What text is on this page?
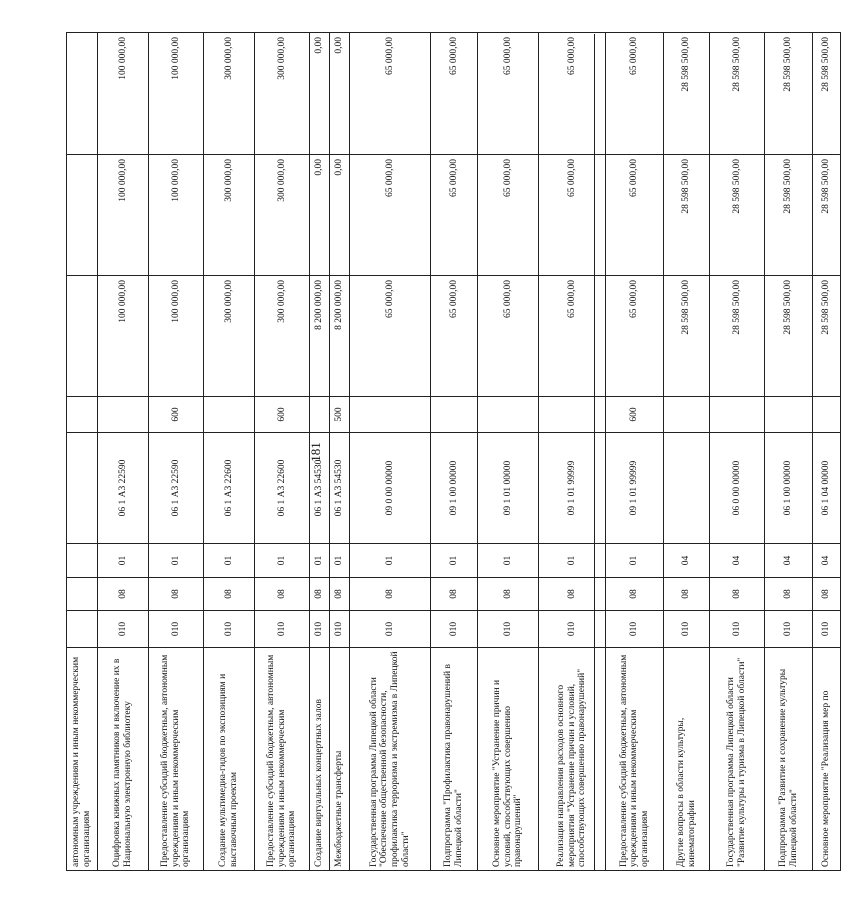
181
автономным учреждениям и иным некоммерческим организациям								
Оцифровка книжных памятников и включение их в Национальную электронную библиотеку	010	08	01	06 1 А3 22590		100 000,00	100 000,00	100 000,00
Предоставление субсидий бюджетным, автономным учреждениям и иным некоммерческим организациям	010	08	01	06 1 А3 22590	600	100 000,00	100 000,00	100 000,00
Создание мультимедиа-гидов по экспозициям и выставочным проектам	010	08	01	06 1 А3 22600		300 000,00	300 000,00	300 000,00
Предоставление субсидий бюджетным, автономным учреждениям и иным некоммерческим организациям	010	08	01	06 1 А3 22600	600	300 000,00	300 000,00	300 000,00
Создание виртуальных концертных залов	010	08	01	06 1 А3 54530		8 200 000,00	0,00	0,00
Межбюджетные трансферты	010	08	01	06 1 А3 54530	500	8 200 000,00	0,00	0,00
Государственная программа Липецкой области "Обеспечение общественной безопасности, профилактика терроризма и экстремизма в Липецкой области"	010	08	01	09 0 00 00000		65 000,00	65 000,00	65 000,00
Подпрограмма "Профилактика правонарушений в Липецкой области"	010	08	01	09 1 00 00000		65 000,00	65 000,00	65 000,00
Основное мероприятие "Устранение причин и условий, способствующих совершению правонарушений"	010	08	01	09 1 01 00000		65 000,00	65 000,00	65 000,00
Реализация направления расходов основного мероприятия "Устранение причин и условий, способствующих совершению правонарушений"	010	08	01	09 1 01 99999		65 000,00	65 000,00	65 000,00
Предоставление субсидий бюджетным, автономным учреждениям и иным некоммерческим организациям	010	08	01	09 1 01 99999	600	65 000,00	65 000,00	65 000,00
Другие вопросы в области культуры, кинематографии	010	08	04			28 598 500,00	28 598 500,00	28 598 500,00
Государственная программа Липецкой области "Развитие культуры и туризма в Липецкой области"	010	08	04	06 0 00 00000		28 598 500,00	28 598 500,00	28 598 500,00
Подпрограмма "Развитие и сохранение культуры Липецкой области"	010	08	04	06 1 00 00000		28 598 500,00	28 598 500,00	28 598 500,00
Основное мероприятие "Реализация мер по	010	08	04	06 1 04 00000		28 598 500,00	28 598 500,00	28 598 500,00
